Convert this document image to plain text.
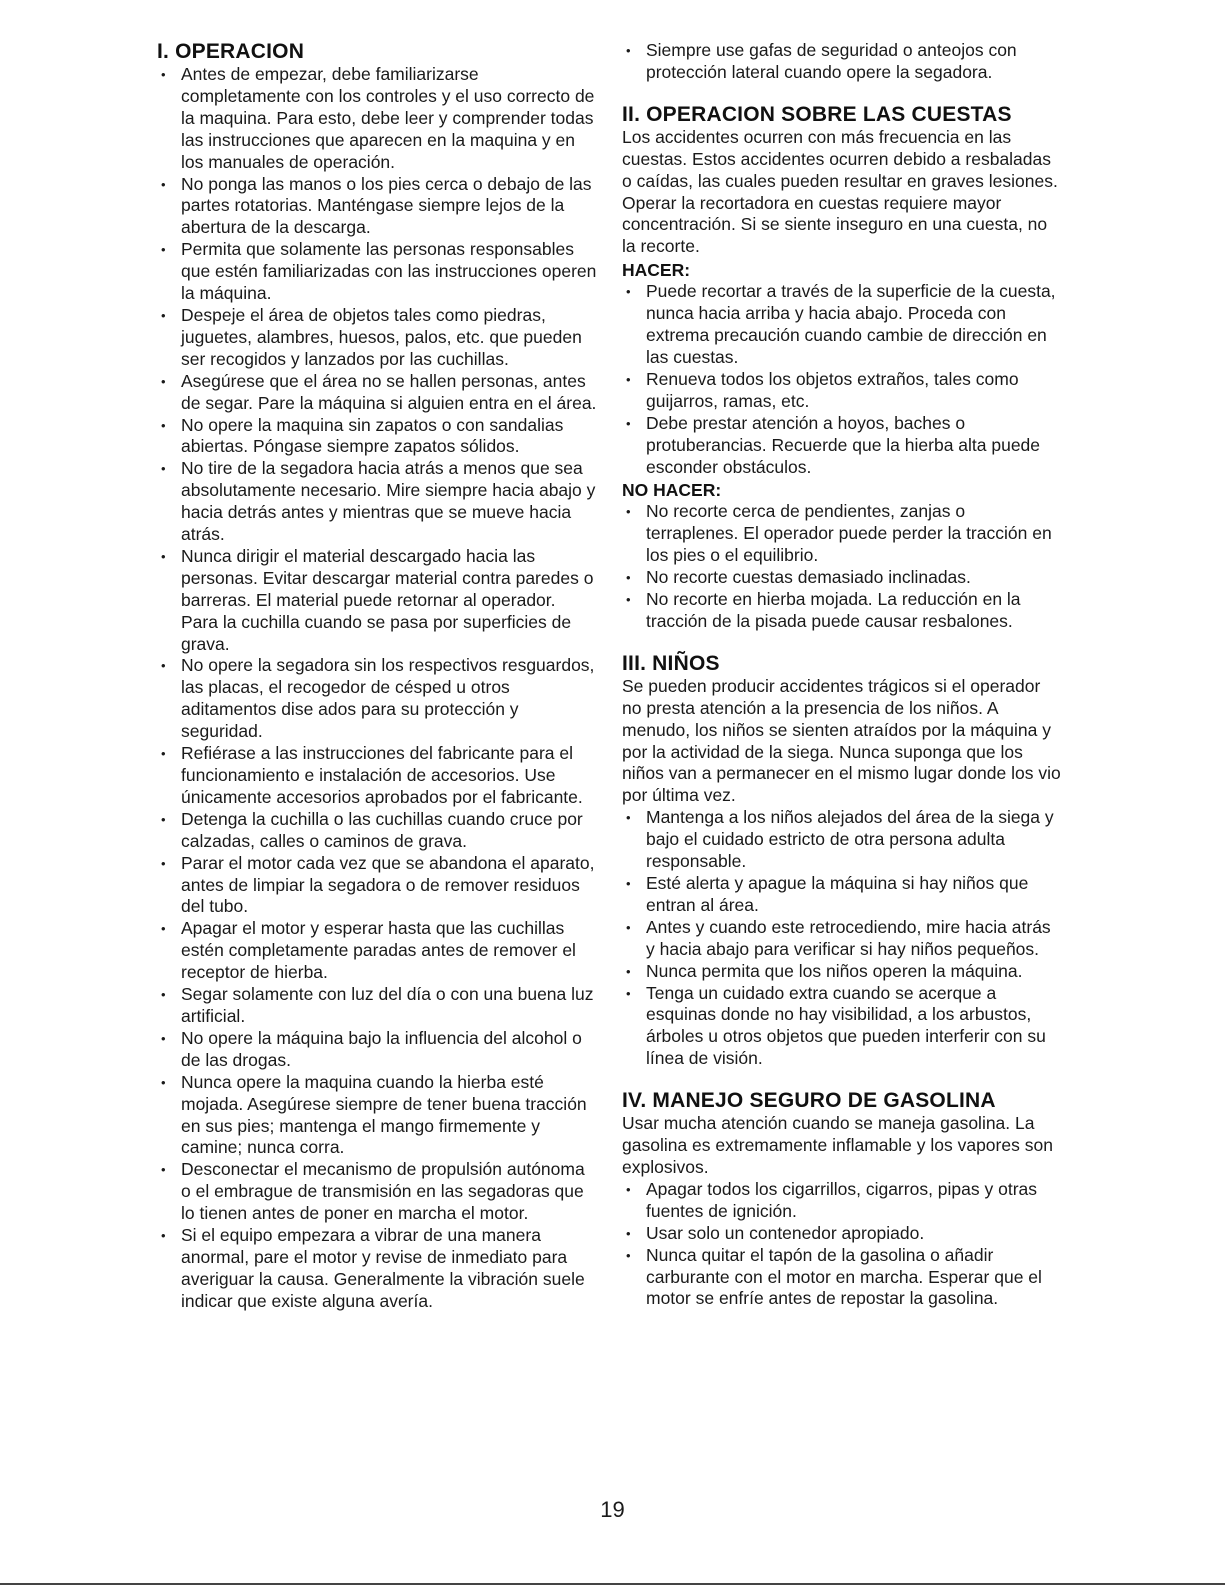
I. OPERACION
• Antes de empezar, debe familiarizarse completamente con los controles y el uso correcto de la maquina. Para esto, debe leer y comprender todas las instrucciones que aparecen en la maquina y en los manuales de operación.
• No ponga las manos o los pies cerca o debajo de las partes rotatorias. Manténgase siempre lejos de la abertura de la descarga.
• Permita que solamente las personas responsables que estén familiarizadas con las instrucciones operen la máquina.
• Despeje el área de objetos tales como piedras, juguetes, alambres, huesos, palos, etc. que pueden ser recogidos y lanzados por las cuchillas.
• Asegúrese que el área no se hallen personas, antes de segar. Pare la máquina si alguien entra en el área.
• No opere la maquina sin zapatos o con sandalias abiertas. Póngase siempre zapatos sólidos.
• No tire de la segadora hacia atrás a menos que sea absolutamente necesario. Mire siempre hacia abajo y hacia detrás antes y mientras que se mueve hacia atrás.
• Nunca dirigir el material descargado hacia las personas. Evitar descargar material contra paredes o barreras. El material puede retornar al operador. Para la cuchilla cuando se pasa por superficies de grava.
• No opere la segadora sin los respectivos resguardos, las placas, el recogedor de césped u otros aditamentos dise ados para su protección y seguridad.
• Refiérase a las instrucciones del fabricante para el funcionamiento e instalación de accesorios. Use únicamente accesorios aprobados por el fabricante.
• Detenga la cuchilla o las cuchillas cuando cruce por calzadas, calles o caminos de grava.
• Parar el motor cada vez que se abandona el aparato, antes de limpiar la segadora o de remover residuos del tubo.
• Apagar el motor y esperar hasta que las cuchillas estén completamente paradas antes de remover el receptor de hierba.
• Segar solamente con luz del día o con una buena luz artificial.
• No opere la máquina bajo la influencia del alcohol o de las drogas.
• Nunca opere la maquina cuando la hierba esté mojada. Asegúrese siempre de tener buena tracción en sus pies; mantenga el mango firmemente y camine; nunca corra.
• Desconectar el mecanismo de propulsión autónoma o el embrague de transmisión en las segadoras que lo tienen antes de poner en marcha el motor.
• Si el equipo empezara a vibrar de una manera anormal, pare el motor y revise de inmediato para averiguar la causa. Generalmente la vibración suele indicar que existe alguna avería.
• Siempre use gafas de seguridad o anteojos con protección lateral cuando opere la segadora.
II. OPERACION SOBRE LAS CUESTAS

Los accidentes ocurren con más frecuencia en las cuestas. Estos accidentes ocurren debido a resbaladas o caídas, las cuales pueden resultar en graves lesiones. Operar la recortadora en cuestas requiere mayor concentración. Si se siente inseguro en una cuesta, no la recorte.

HACER:
• Puede recortar a través de la superficie de la cuesta, nunca hacia arriba y hacia abajo. Proceda con extrema precaución cuando cambie de dirección en las cuestas.
• Renueva todos los objetos extraños, tales como guijarros, ramas, etc.
• Debe prestar atención a hoyos, baches o protuberancias. Recuerde que la hierba alta puede esconder obstáculos.
NO HACER:
• No recorte cerca de pendientes, zanjas o terraplenes. El operador puede perder la tracción en los pies o el equilibrio.
• No recorte cuestas demasiado inclinadas.
• No recorte en hierba mojada. La reducción en la tracción de la pisada puede causar resbalones.
III. NIÑOS

Se pueden producir accidentes trágicos si el operador no presta atención a la presencia de los niños. A menudo, los niños se sienten atraídos por la máquina y por la actividad de la siega. Nunca suponga que los niños van a permanecer en el mismo lugar donde los vio por última vez.

• Mantenga a los niños alejados del área de la siega y bajo el cuidado estricto de otra persona adulta responsable.
• Esté alerta y apague la máquina si hay niños que entran al área.
• Antes y cuando este retrocediendo, mire hacia atrás y hacia abajo para verificar si hay niños pequeños.
• Nunca permita que los niños operen la máquina.
• Tenga un cuidado extra cuando se acerque a esquinas donde no hay visibilidad, a los arbustos, árboles u otros objetos que pueden interferir con su línea de visión.
IV. MANEJO SEGURO DE GASOLINA

Usar mucha atención cuando se maneja gasolina. La gasolina es extremamente inflamable y los vapores son explosivos.

• Apagar todos los cigarrillos, cigarros, pipas y otras fuentes de ignición.
• Usar solo un contenedor apropiado.
• Nunca quitar el tapón de la gasolina o añadir carburante con el motor en marcha. Esperar que el motor se enfríe antes de repostar la gasolina.
19
